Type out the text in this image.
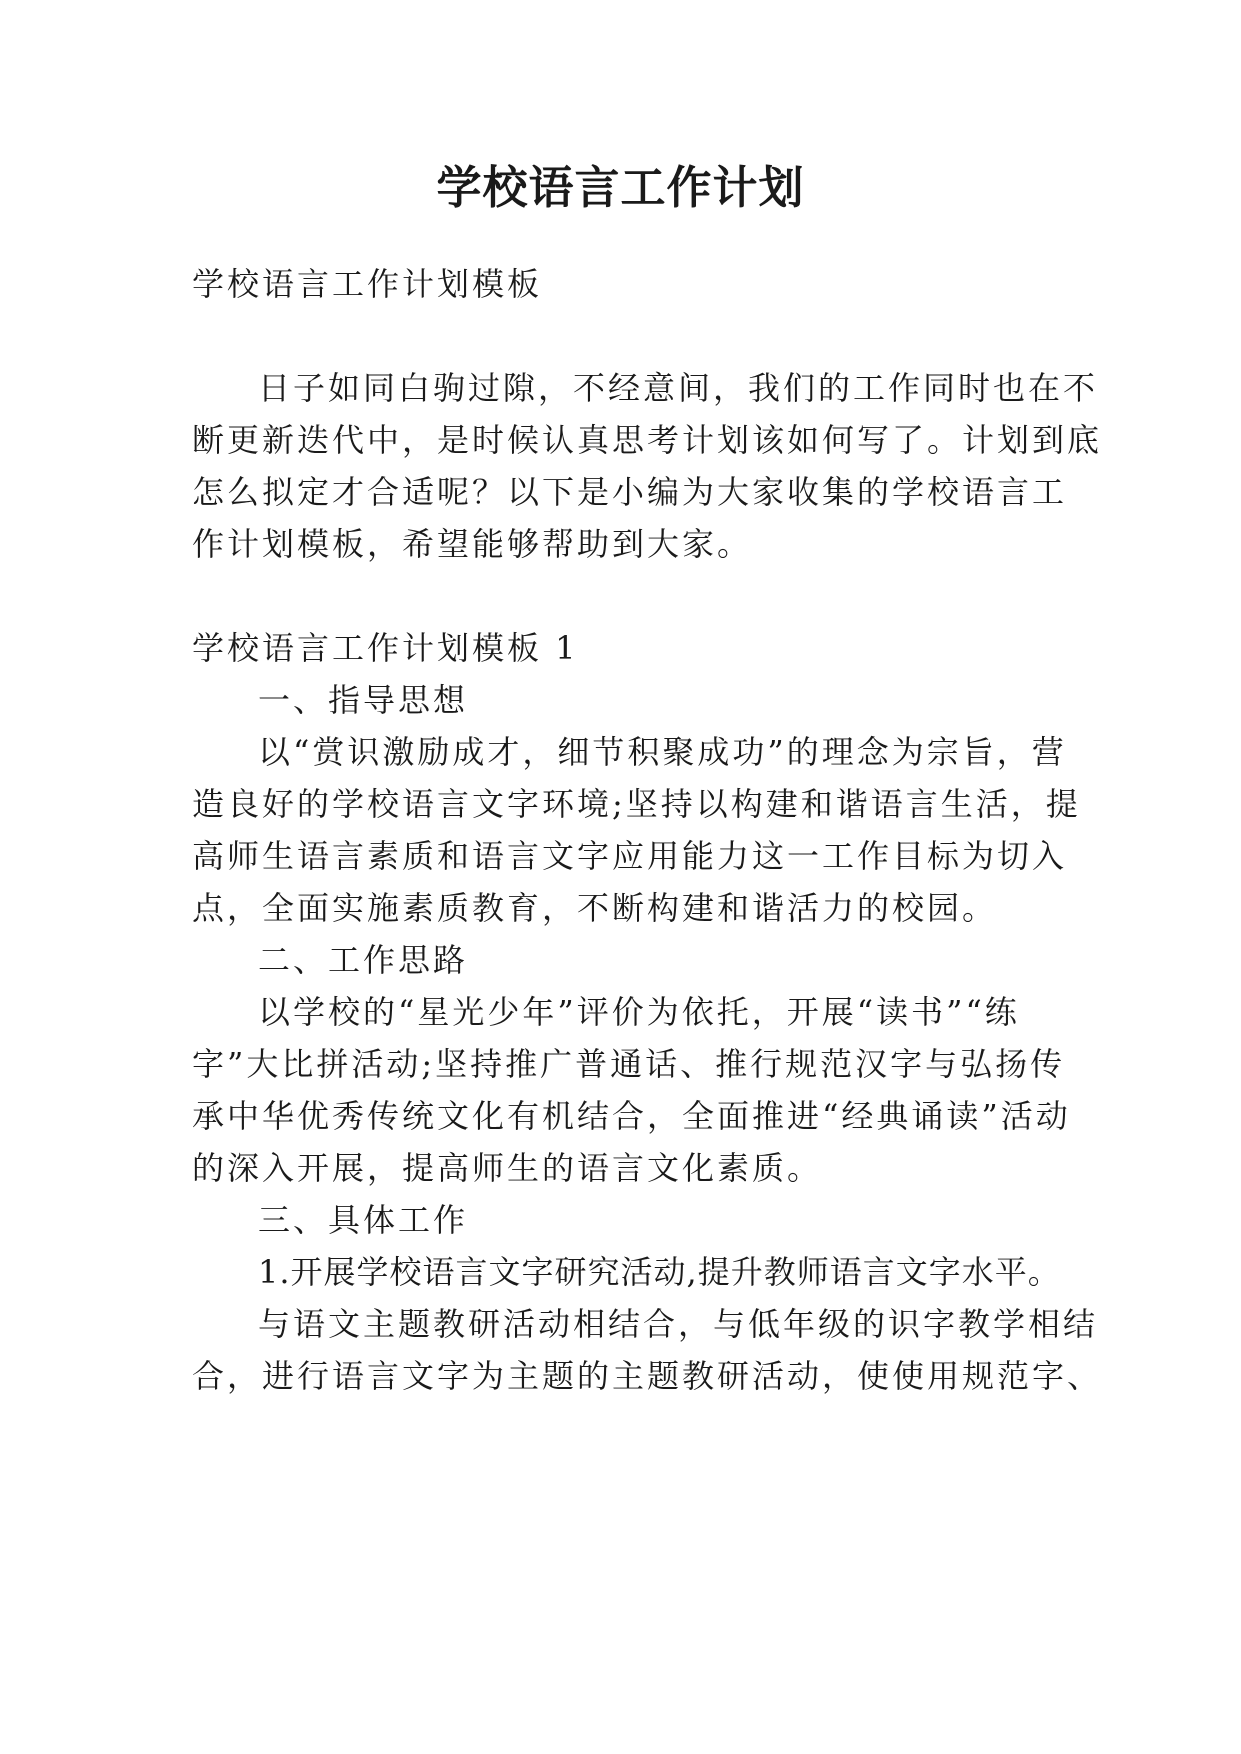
学校语言工作计划

学校语言工作计划模板

日子如同白驹过隙，不经意间，我们的工作同时也在不

断更新迭代中，是时候认真思考计划该如何写了。计划到底

怎么拟定才合适呢？以下是小编为大家收集的学校语言工

作计划模板，希望能够帮助到大家。

学校语言工作计划模板 1

一、指导思想

以“赏识激励成才，细节积聚成功”的理念为宗旨，营

造良好的学校语言文字环境;坚持以构建和谐语言生活，提

高师生语言素质和语言文字应用能力这一工作目标为切入

点，全面实施素质教育，不断构建和谐活力的校园。

二、工作思路

以学校的“星光少年”评价为依托，开展“读书”“练

字”大比拼活动;坚持推广普通话、推行规范汉字与弘扬传

承中华优秀传统文化有机结合，全面推进“经典诵读”活动

的深入开展，提高师生的语言文化素质。

三、具体工作

1.开展学校语言文字研究活动,提升教师语言文字水平。

与语文主题教研活动相结合，与低年级的识字教学相结

合，进行语言文字为主题的主题教研活动，使使用规范字、
